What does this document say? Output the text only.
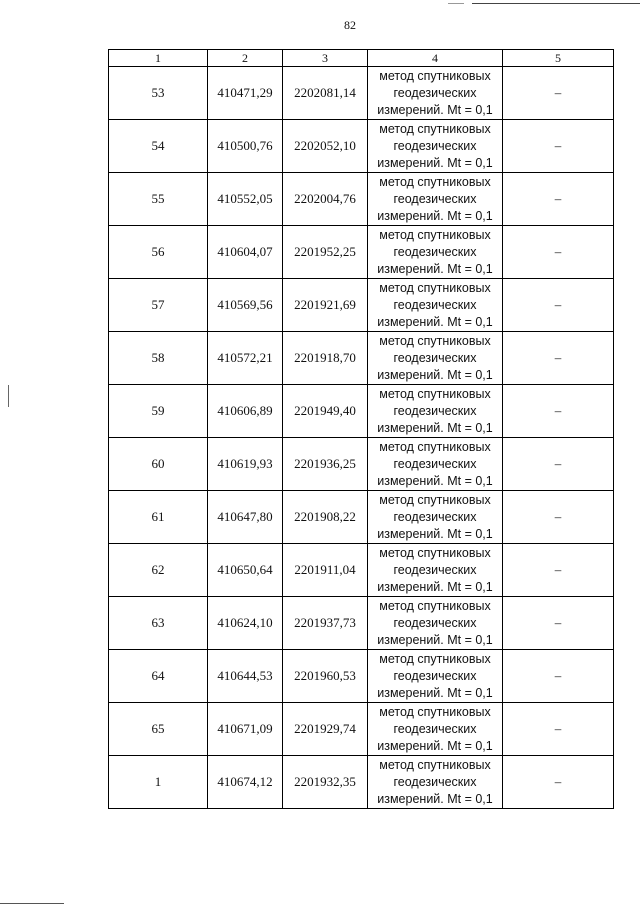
82
1	2	3	4	5
53	410471,29	2202081,14	метод спутниковых
геодезических
измерений. Mt = 0,1	–
54	410500,76	2202052,10	метод спутниковых
геодезических
измерений. Mt = 0,1	–
55	410552,05	2202004,76	метод спутниковых
геодезических
измерений. Mt = 0,1	–
56	410604,07	2201952,25	метод спутниковых
геодезических
измерений. Mt = 0,1	–
57	410569,56	2201921,69	метод спутниковых
геодезических
измерений. Mt = 0,1	–
58	410572,21	2201918,70	метод спутниковых
геодезических
измерений. Mt = 0,1	–
59	410606,89	2201949,40	метод спутниковых
геодезических
измерений. Mt = 0,1	–
60	410619,93	2201936,25	метод спутниковых
геодезических
измерений. Mt = 0,1	–
61	410647,80	2201908,22	метод спутниковых
геодезических
измерений. Mt = 0,1	–
62	410650,64	2201911,04	метод спутниковых
геодезических
измерений. Mt = 0,1	–
63	410624,10	2201937,73	метод спутниковых
геодезических
измерений. Mt = 0,1	–
64	410644,53	2201960,53	метод спутниковых
геодезических
измерений. Mt = 0,1	–
65	410671,09	2201929,74	метод спутниковых
геодезических
измерений. Mt = 0,1	–
1	410674,12	2201932,35	метод спутниковых
геодезических
измерений. Mt = 0,1	–
